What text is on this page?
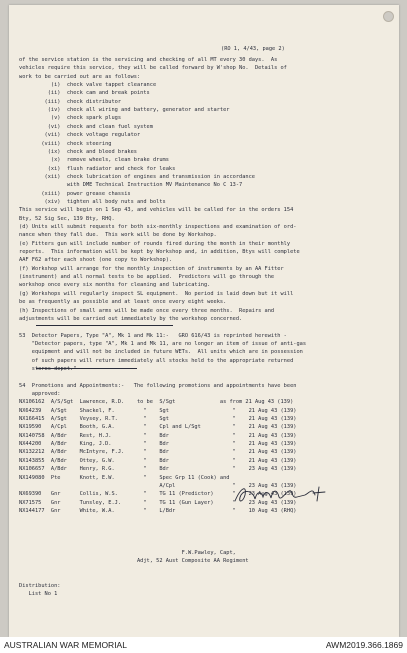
(RO 1, 4/43, page 2)
of the service station is the servicing and checking of all MT every 30 days.  As
vehicles require this service, they will be called forward by W'shop No.  Details of
work to be carried out are as follows:
(i)  check valve tappet clearance
(ii)  check cam and break points
(iii)  check distributor
(iv)  check all wiring and battery, generator and starter
(v)  check spark plugs
(vi)  check and clean fuel system
(vii)  check voltage regulator
(viii)  check steering
(ix)  check and bleed brakes
(x)  remove wheels, clean brake drums
(xi)  flush radiator and check for leaks
(xii)  check lubrication of engines and transmission in accordance
with DME Technical Instruction MV Maintenance No C 13-7
(xiii)  power grease chassis
(xiv)  tighten all body nuts and bolts
This service will begin on 1 Sep 43, and vehicles will be called for in the orders 154
Bty, 52 Sig Sec, 139 Bty, RHQ.
(d) Units will submit requests for both six-monthly inspections and examination of ord-
nance when they fall due.  This work will be done by Workshop.
(e) Fitters gun will include number of rounds fired during the month in their monthly
reports.  This information will be kept by Workshop and, in addition, Btys will complete
AAF F62 after each shoot (one copy to Workshop).
(f) Workshop will arrange for the monthly inspection of instruments by an AA Fitter
(instrument) and all normal tests to be applied.  Predictors will go through the
workshop once every six months for cleaning and lubricating.
(g) Workshops will regularly inspect SL equipment.  No period is laid down but it will
be as frequently as possible and at least once every eight weeks.
(h) Inspections of small arms will be made once every three months.  Repairs and
adjustments will be carried out immediately by the workshop concerned.
53  Detector Papers, Type "A", Mk 1 and Mk 11:-   GRO 616/43 is reprinted herewith -
"Detector papers, type "A", Mk 1 and Mk 11, are no longer an item of issue of anti-gas
equipment and will not be included in future WETs.  All units which are in possession
of such papers will return immediately all stocks held to the appropriate returned
stores depot."
54  Promotions and Appointments:-   The following promotions and appointments have been
approved:
NX106162  A/S/Sgt  Lawrence, R.D.    to be  S/Sgt              as from 21 Aug 43 (139)
NX64239   A/Sgt    Shackel, F.         "    Sgt                    "    21 Aug 43 (139)
NX166415  A/Sgt    Veysey, R.T.        "    Sgt                    "    21 Aug 43 (139)
NX19590   A/Cpl    Booth, G.A.         "    Cpl and L/Sgt          "    21 Aug 43 (139)
NX140758  A/Bdr    Rest, H.J.          "    Bdr                    "    21 Aug 43 (139)
NX44200   A/Bdr    King, J.D.          "    Bdr                    "    21 Aug 43 (139)
NX132212  A/Bdr    McIntyre, F.J.      "    Bdr                    "    21 Aug 43 (139)
NX143855  A/Bdr    Ottey, G.W.         "    Bdr                    "    21 Aug 43 (139)
NX106657  A/Bdr    Henry, R.G.         "    Bdr                    "    23 Aug 43 (139)
NX149080  Pte      Knott, E.W.         "    Spec Grp 11 (Cook) and
A/Cpl                  "    23 Aug 43 (139)
NX69390   Gnr      Collis, W.S.        "    TG 11 (Predictor)      "    23 Aug 43 (139)
NX71575   Gnr      Tunsley, E.J.       "    TG 11 (Gun Layer)      "    23 Aug 43 (139)
NX144177  Gnr      White, W.A.         "    L/Bdr                  "    10 Aug 43 (RHQ)
F.W.Pawley, Capt,
Adjt, 52 Aust Composite AA Regiment
Distribution:
List No 1
AUSTRALIAN WAR MEMORIAL	AWM2019.366.1869
